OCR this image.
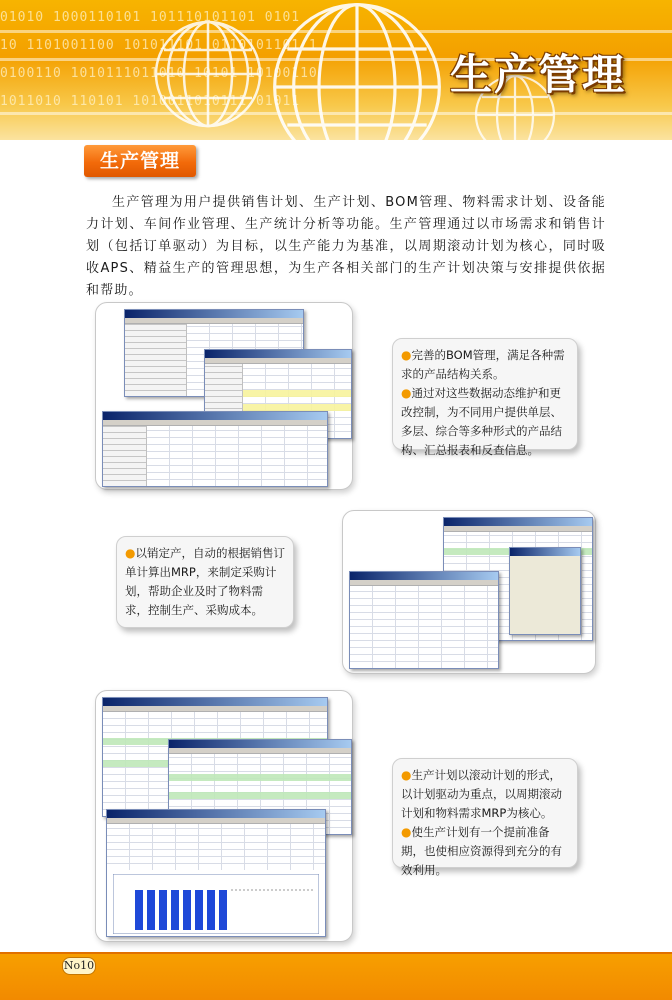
01010 1000110101 101110101101 0101
10 1101001100 101011101 0110101101 1
0100110 1010111011010 10101 10100110
1011010 110101 1010011010111 01011
生产管理
生产管理

生产管理为用户提供销售计划、生产计划、BOM管理、物料需求计划、设备能力计划、车间作业管理、生产统计分析等功能。生产管理通过以市场需求和销售计划（包括订单驱动）为目标，以生产能力为基准，以周期滚动计划为核心，同时吸收APS、精益生产的管理思想，为生产各相关部门的生产计划决策与安排提供依据和帮助。

●完善的BOM管理，满足各种需求的产品结构关系。

●通过对这些数据动态维护和更改控制，为不同用户提供单层、多层、综合等多种形式的产品结构、汇总报表和反查信息。

●以销定产，自动的根据销售订单计算出MRP，来制定采购计划，帮助企业及时了物料需求，控制生产、采购成本。

●生产计划以滚动计划的形式，以计划驱动为重点，以周期滚动计划和物料需求MRP为核心。

●使生产计划有一个提前准备期，也使相应资源得到充分的有效利用。

No10
